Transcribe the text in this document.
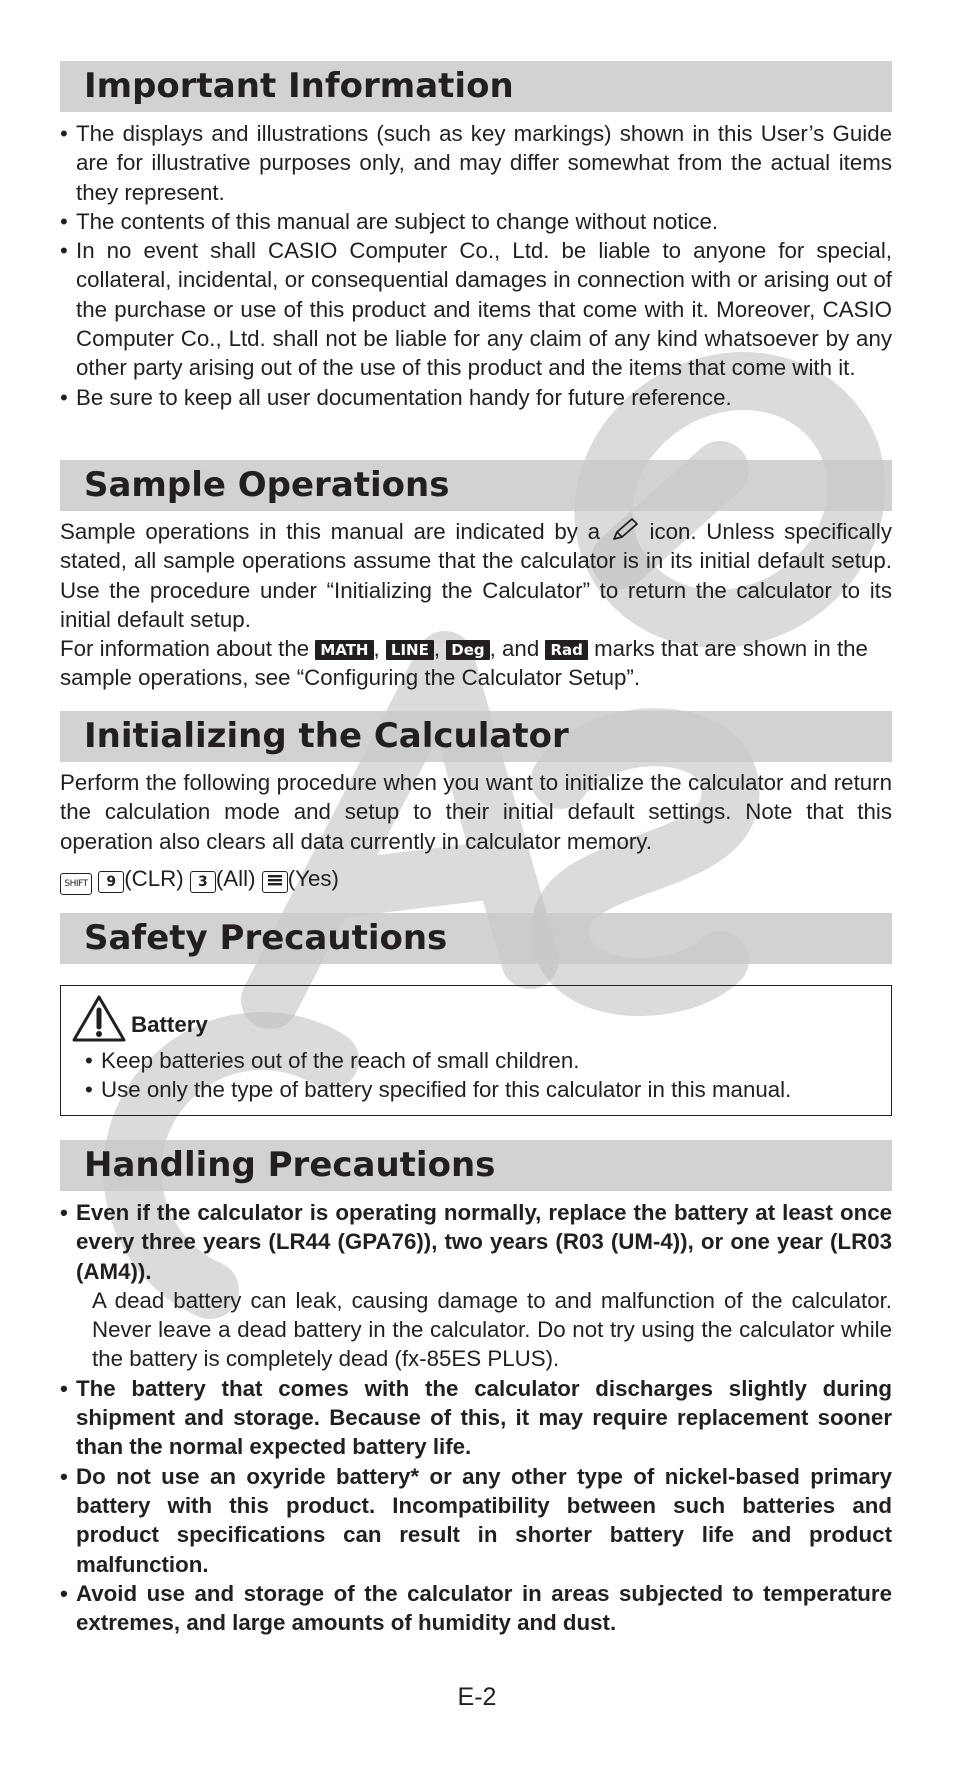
Important Information
• The displays and illustrations (such as key markings) shown in this User’s Guide are for illustrative purposes only, and may differ somewhat from the actual items they represent.
• The contents of this manual are subject to change without notice.
• In no event shall CASIO Computer Co., Ltd. be liable to anyone for special, collateral, incidental, or consequential damages in connection with or arising out of the purchase or use of this product and items that come with it. Moreover, CASIO Computer Co., Ltd. shall not be liable for any claim of any kind whatsoever by any other party arising out of the use of this product and the items that come with it.
• Be sure to keep all user documentation handy for future reference.
Sample Operations

Sample operations in this manual are indicated by a icon. Unless specifically stated, all sample operations assume that the calculator is in its initial default setup. Use the procedure under “Initializing the Calculator” to return the calculator to its initial default setup.

For information about the MATH , LINE , Deg , and Rad marks that are shown in the sample operations, see “Configuring the Calculator Setup”.

Initializing the Calculator

Perform the following procedure when you want to initialize the calculator and return the calculation mode and setup to their initial default settings. Note that this operation also clears all data currently in calculator memory.

SHIFT 9 (CLR) 3 (All) (Yes)
Safety Precautions
Battery
• Keep batteries out of the reach of small children.
• Use only the type of battery specified for this calculator in this manual.
Handling Precautions
• Even if the calculator is operating normally, replace the battery at least once every three years (LR44 (GPA76)), two years (R03 (UM-4)), or one year (LR03 (AM4)).
A dead battery can leak, causing damage to and malfunction of the calculator. Never leave a dead battery in the calculator. Do not try using the calculator while the battery is completely dead (fx-85ES PLUS).
• The battery that comes with the calculator discharges slightly during shipment and storage. Because of this, it may require replacement sooner than the normal expected battery life.
• Do not use an oxyride battery* or any other type of nickel-based primary battery with this product. Incompatibility between such batteries and product specifications can result in shorter battery life and product malfunction.
• Avoid use and storage of the calculator in areas subjected to temperature extremes, and large amounts of humidity and dust.
E-2
